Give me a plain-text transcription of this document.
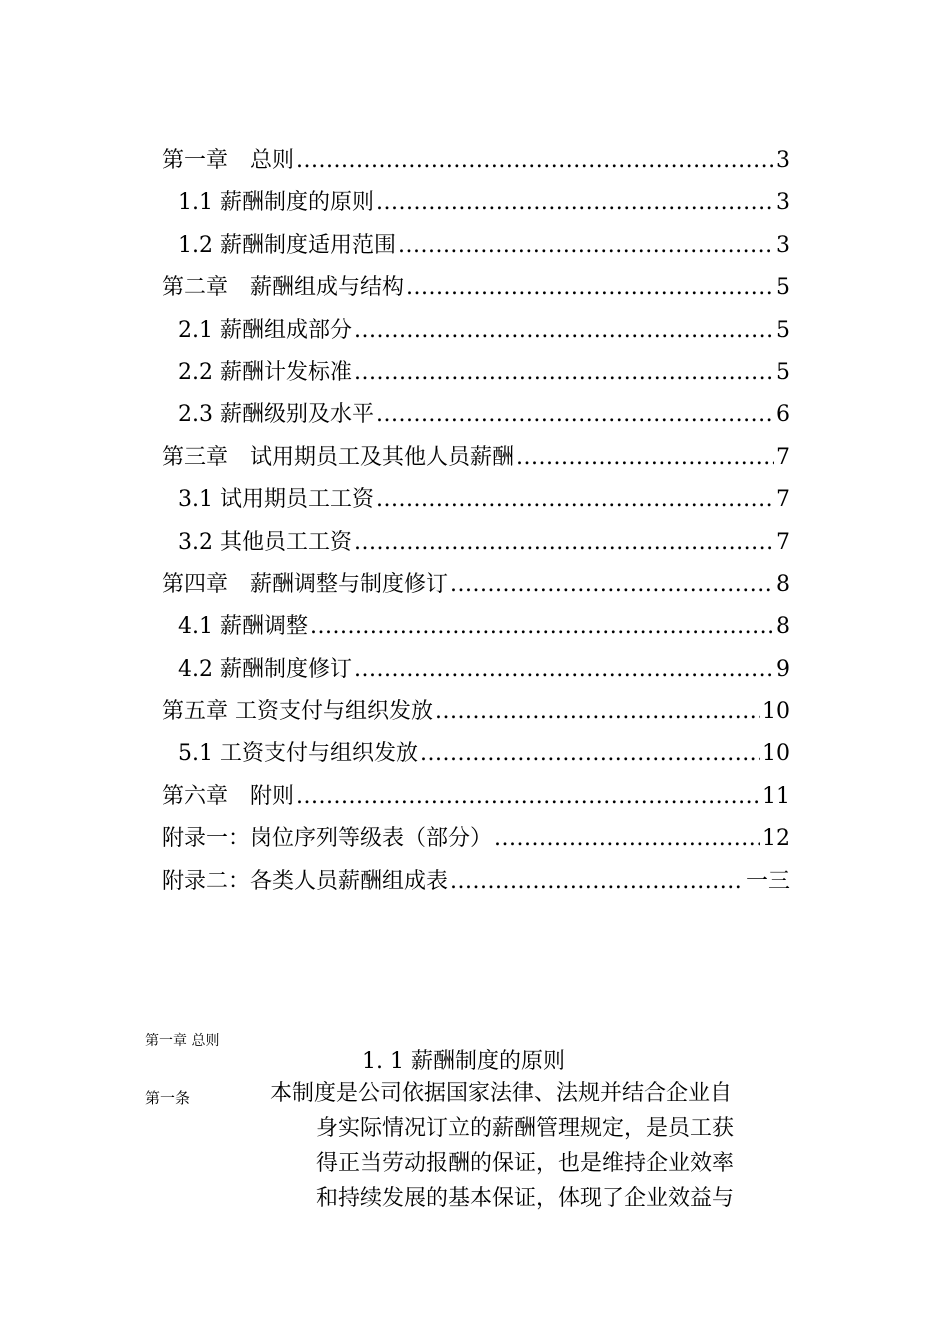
第一章　总则 .....	3
1.1 薪酬制度的原则 .....	3
1.2 薪酬制度适用范围 .....	3
第二章　薪酬组成与结构 .....	5
2.1 薪酬组成部分 .....	5
2.2 薪酬计发标准 .....	5
2.3 薪酬级别及水平 .....	6
第三章　试用期员工及其他人员薪酬 .....	7
3.1 试用期员工工资 .....	7
3.2 其他员工工资 .....	7
第四章　薪酬调整与制度修订 .....	8
4.1 薪酬调整 .....	8
4.2 薪酬制度修订 .....	9
第五章 工资支付与组织发放 .....	10
5.1 工资支付与组织发放 .....	10
第六章　附则 .....	11
附录一：岗位序列等级表（部分） .....	12
附录二：各类人员薪酬组成表 .....	一三
第一章 总则
1. 1 薪酬制度的原则
第一条	本制度是公司依据国家法律、法规并结合企业自
身实际情况订立的薪酬管理规定，是员工获
得正当劳动报酬的保证，也是维持企业效率
和持续发展的基本保证，体现了企业效益与
